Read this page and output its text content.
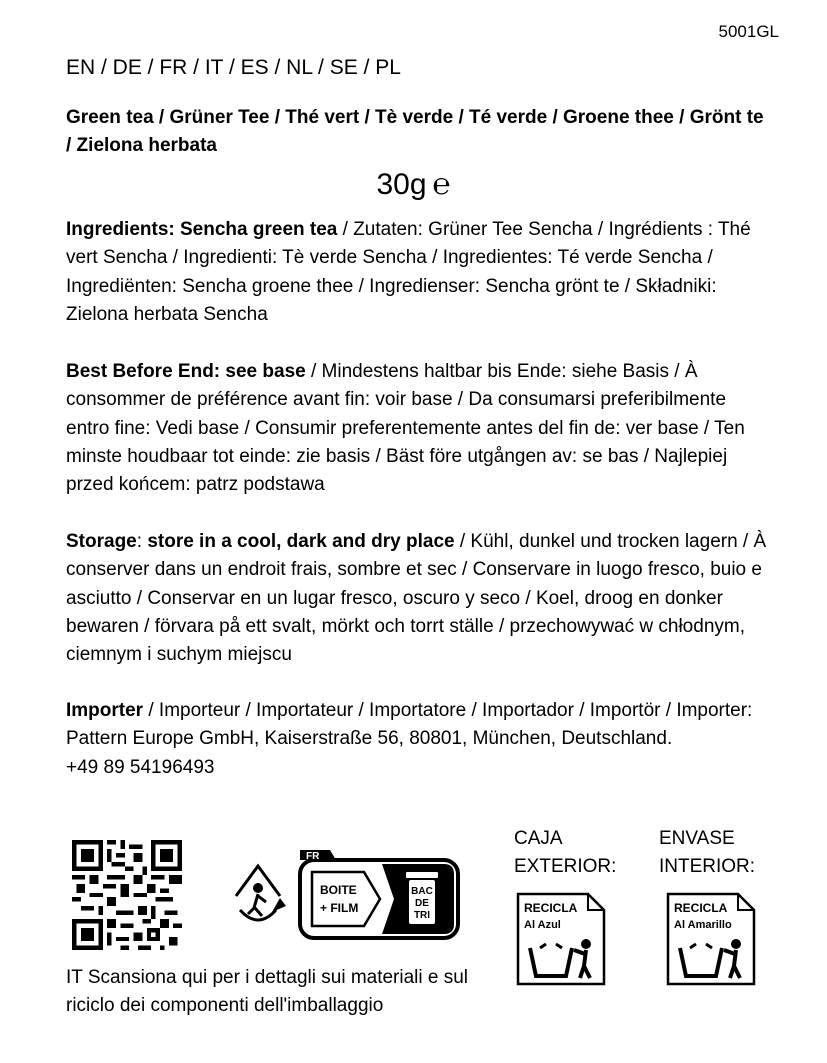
5001GL
EN / DE / FR / IT / ES / NL / SE / PL
Green tea / Grüner Tee / Thé vert / Tè verde / Té verde / Groene thee / Grönt te / Zielona herbata
30g ℮
Ingredients: Sencha green tea / Zutaten: Grüner Tee Sencha / Ingrédients : Thé vert Sencha / Ingredienti: Tè verde Sencha / Ingredientes: Té verde Sencha / Ingrediënten: Sencha groene thee / Ingredienser: Sencha grönt te / Składniki: Zielona herbata Sencha
Best Before End: see base / Mindestens haltbar bis Ende: siehe Basis / À consommer de préférence avant fin: voir base / Da consumarsi preferibilmente entro fine: Vedi base / Consumir preferentemente antes del fin de: ver base / Ten minste houdbaar tot einde: zie basis / Bäst före utgången av: se bas / Najlepiej przed końcem: patrz podstawa
Storage: store in a cool, dark and dry place / Kühl, dunkel und trocken lagern / À conserver dans un endroit frais, sombre et sec / Conservare in luogo fresco, buio e asciutto / Conservar en un lugar fresco, oscuro y seco / Koel, droog en donker bewaren / förvara på ett svalt, mörkt och torrt ställe / przechowywać w chłodnym, ciemnym i suchym miejscu
Importer / Importeur / Importateur / Importatore / Importador / Importör / Importer:
Pattern Europe GmbH, Kaiserstraße 56, 80801, München, Deutschland.
+49 89 54196493
FR
BOITE
+ FILM
BAC
DE
TRI
IT Scansiona qui per i dettagli sui materiali e sul riciclo dei componenti dell'imballaggio
CAJA
EXTERIOR:
ENVASE
INTERIOR:
RECICLA
Al Azul
RECICLA
Al Amarillo
